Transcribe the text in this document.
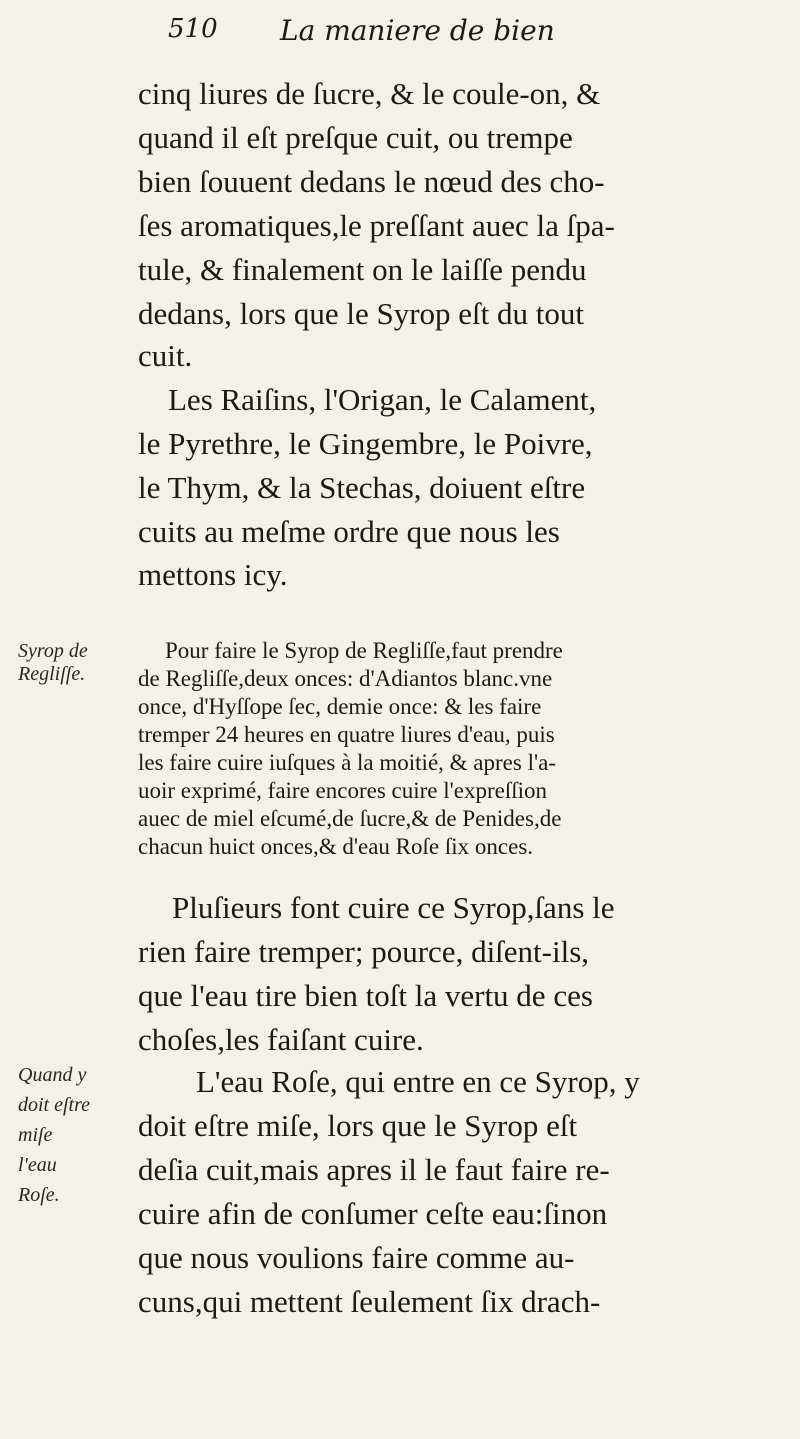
510 La maniere de bien
cinq liures de ſucre, & le coule-on, &
quand il eſt preſque cuit, ou trempe
bien ſouuent dedans le nœud des cho-
ſes aromatiques,le preſſant auec la ſpa-
tule, & finalement on le laiſſe pendu
dedans, lors que le Syrop eſt du tout
cuit.
Les Raiſins, l'Origan, le Calament,
le Pyrethre, le Gingembre, le Poivre,
le Thym, & la Stechas, doiuent eſtre
cuits au meſme ordre que nous les
mettons icy.
Syrop de
Regliſſe.
Pour faire le Syrop de Regliſſe,faut prendre
de Regliſſe,deux onces: d'Adiantos blanc.vne
once, d'Hyſſope ſec, demie once: & les faire
tremper 24 heures en quatre liures d'eau, puis
les faire cuire iuſques à la moitié, & apres l'a-
uoir exprimé, faire encores cuire l'expreſſion
auec de miel eſcumé,de ſucre,& de Penides,de
chacun huict onces,& d'eau Roſe ſix onces.
Pluſieurs font cuire ce Syrop,ſans le
rien faire tremper; pource, diſent-ils,
que l'eau tire bien toſt la vertu de ces
choſes,les faiſant cuire.
Quand y
doit eſtre
miſe
l'eau
Roſe.
L'eau Roſe, qui entre en ce Syrop, y
doit eſtre miſe, lors que le Syrop eſt
deſia cuit,mais apres il le faut faire re-
cuire afin de conſumer ceſte eau:ſinon
que nous voulions faire comme au-
cuns,qui mettent ſeulement ſix drach-
